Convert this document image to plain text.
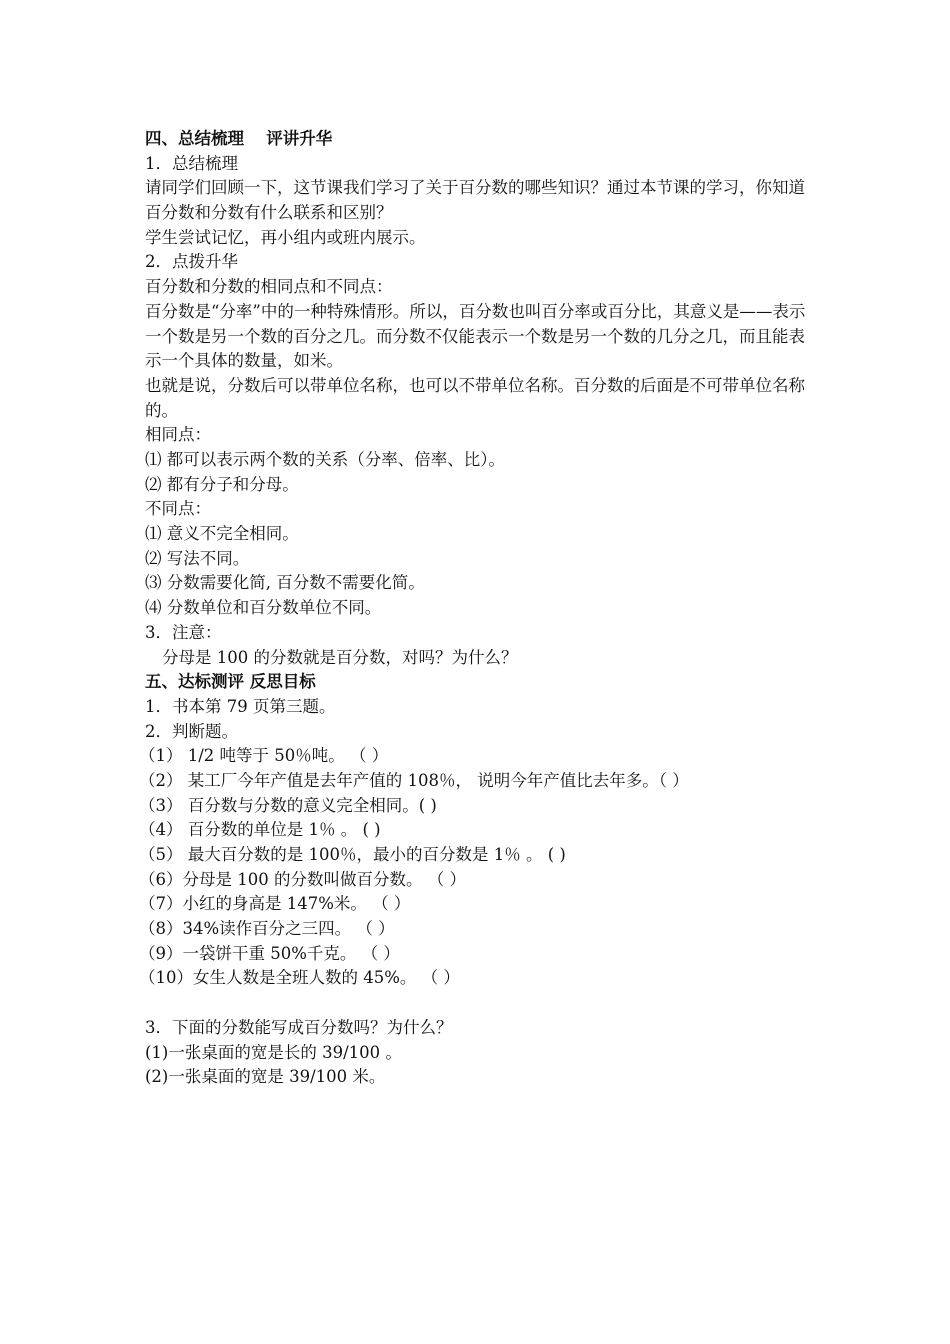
四、总结梳理　 评讲升华
1．总结梳理
请同学们回顾一下，这节课我们学习了关于百分数的哪些知识？通过本节课的学习，你知道百分数和分数有什么联系和区别？
学生尝试记忆，再小组内或班内展示。
2．点拨升华
百分数和分数的相同点和不同点：
百分数是“分率”中的一种特殊情形。所以，百分数也叫百分率或百分比，其意义是——表示一个数是另一个数的百分之几。而分数不仅能表示一个数是另一个数的几分之几，而且能表示一个具体的数量，如米。
也就是说，分数后可以带单位名称，也可以不带单位名称。百分数的后面是不可带单位名称的。
相同点：
⑴ 都可以表示两个数的关系（分率、倍率、比）。
⑵ 都有分子和分母。
不同点：
⑴ 意义不完全相同。
⑵ 写法不同。
⑶ 分数需要化简, 百分数不需要化简。
⑷ 分数单位和百分数单位不同。
3．注意：
分母是 100 的分数就是百分数，对吗？为什么？
五、达标测评 反思目标
1．书本第 79 页第三题。
2．判断题。
（1） 1/2 吨等于 50％吨。 （ ）
（2） 某工厂今年产值是去年产值的 108％， 说明今年产值比去年多。（ ）
（3） 百分数与分数的意义完全相同。( )
（4） 百分数的单位是 1％ 。 ( )
（5） 最大百分数的是 100％，最小的百分数是 1％ 。 ( )
（6）分母是 100 的分数叫做百分数。 （ ）
（7）小红的身高是 147%米。 （ ）
（8）34%读作百分之三四。 （ ）
（9）一袋饼干重 50%千克。 （ ）
（10）女生人数是全班人数的 45%。 （ ）
3．下面的分数能写成百分数吗？为什么？
(1)一张桌面的宽是长的 39/100 。
(2)一张桌面的宽是 39/100 米。
